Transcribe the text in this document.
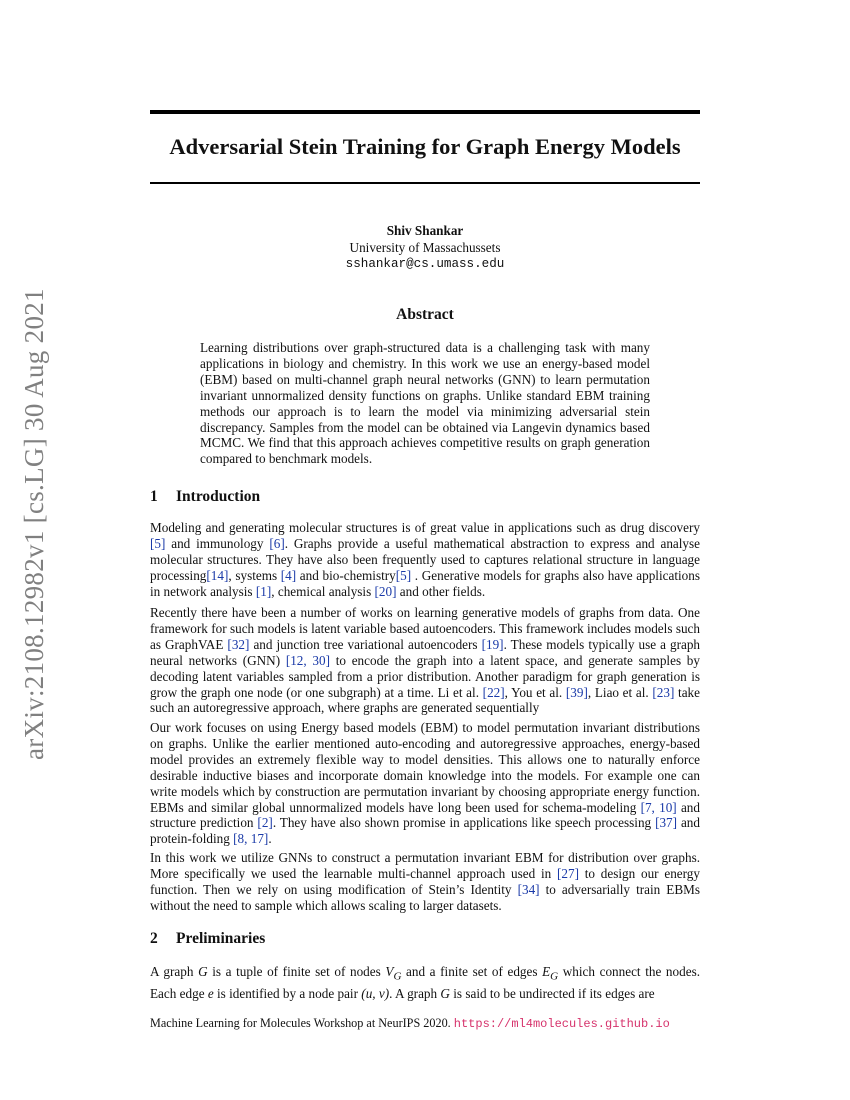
arXiv:2108.12982v1 [cs.LG] 30 Aug 2021
Adversarial Stein Training for Graph Energy Models
Shiv Shankar
University of Massachussets
sshankar@cs.umass.edu
Abstract
Learning distributions over graph-structured data is a challenging task with many applications in biology and chemistry. In this work we use an energy-based model (EBM) based on multi-channel graph neural networks (GNN) to learn permutation invariant unnormalized density functions on graphs. Unlike standard EBM training methods our approach is to learn the model via minimizing adversarial stein discrepancy. Samples from the model can be obtained via Langevin dynamics based MCMC. We find that this approach achieves competitive results on graph generation compared to benchmark models.
1 Introduction
Modeling and generating molecular structures is of great value in applications such as drug discovery [5] and immunology [6]. Graphs provide a useful mathematical abstraction to express and analyse molecular structures. They have also been frequently used to captures relational structure in language processing[14], systems [4] and bio-chemistry[5] . Generative models for graphs also have applications in network analysis [1], chemical analysis [20] and other fields.
Recently there have been a number of works on learning generative models of graphs from data. One framework for such models is latent variable based autoencoders. This framework includes models such as GraphVAE [32] and junction tree variational autoencoders [19]. These models typically use a graph neural networks (GNN) [12, 30] to encode the graph into a latent space, and generate samples by decoding latent variables sampled from a prior distribution. Another paradigm for graph generation is grow the graph one node (or one subgraph) at a time. Li et al. [22], You et al. [39], Liao et al. [23] take such an autoregressive approach, where graphs are generated sequentially
Our work focuses on using Energy based models (EBM) to model permutation invariant distributions on graphs. Unlike the earlier mentioned auto-encoding and autoregressive approaches, energy-based model provides an extremely flexible way to model densities. This allows one to naturally enforce desirable inductive biases and incorporate domain knowledge into the models. For example one can write models which by construction are permutation invariant by choosing appropriate energy function. EBMs and similar global unnormalized models have long been used for schema-modeling [7, 10] and structure prediction [2]. They have also shown promise in applications like speech processing [37] and protein-folding [8, 17].
In this work we utilize GNNs to construct a permutation invariant EBM for distribution over graphs. More specifically we used the learnable multi-channel approach used in [27] to design our energy function. Then we rely on using modification of Stein’s Identity [34] to adversarially train EBMs without the need to sample which allows scaling to larger datasets.
2 Preliminaries
A graph G is a tuple of finite set of nodes $V_G$ and a finite set of edges $E_G$ which connect the nodes. Each edge e is identified by a node pair (u, v). A graph G is said to be undirected if its edges are
Machine Learning for Molecules Workshop at NeurIPS 2020. https://ml4molecules.github.io
